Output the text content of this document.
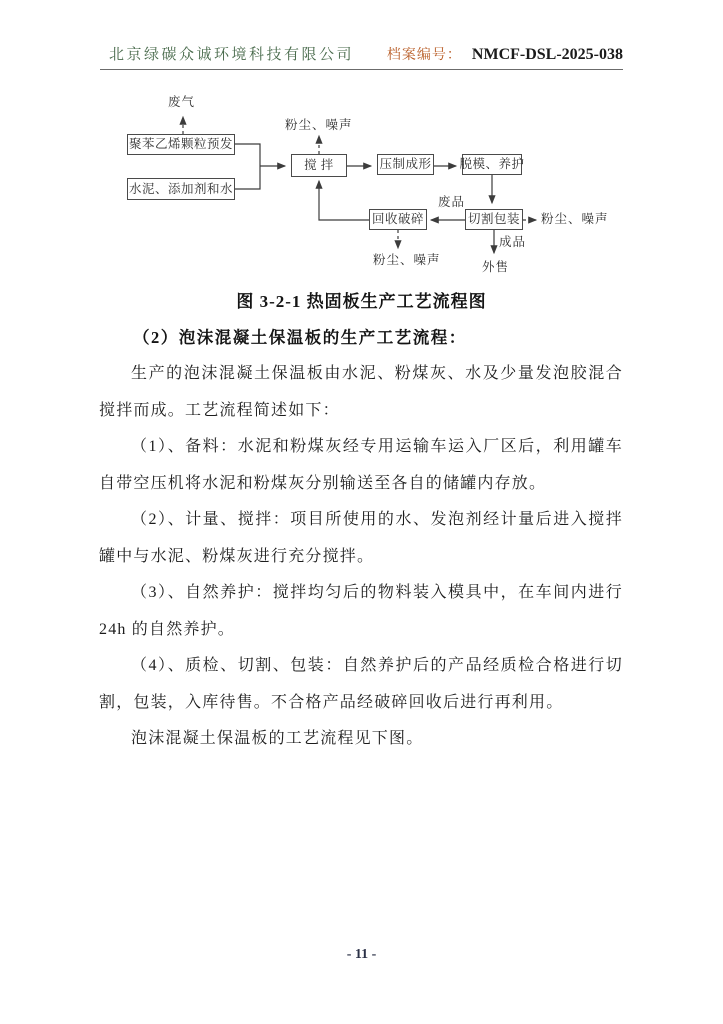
北京绿碳众诚环境科技有限公司 档案编号： NMCF-DSL-2025-038
聚苯乙烯颗粒预发
水泥、添加剂和水
搅 拌	压制成形 脱模、养护
回收破碎	切割包装
废气
粉尘、噪声
废品
粉尘、噪声
成品
外售
粉尘、噪声
图 3-2-1 热固板生产工艺流程图
（2）泡沫混凝土保温板的生产工艺流程：

生产的泡沫混凝土保温板由水泥、粉煤灰、水及少量发泡胶混合搅拌而成。工艺流程简述如下：

（1）、备料：水泥和粉煤灰经专用运输车运入厂区后，利用罐车自带空压机将水泥和粉煤灰分别输送至各自的储罐内存放。

（2）、计量、搅拌：项目所使用的水、发泡剂经计量后进入搅拌罐中与水泥、粉煤灰进行充分搅拌。

（3）、自然养护：搅拌均匀后的物料装入模具中，在车间内进行 24h 的自然养护。

（4）、质检、切割、包装：自然养护后的产品经质检合格进行切割，包装，入库待售。不合格产品经破碎回收后进行再利用。

泡沫混凝土保温板的工艺流程见下图。

- 11 -
